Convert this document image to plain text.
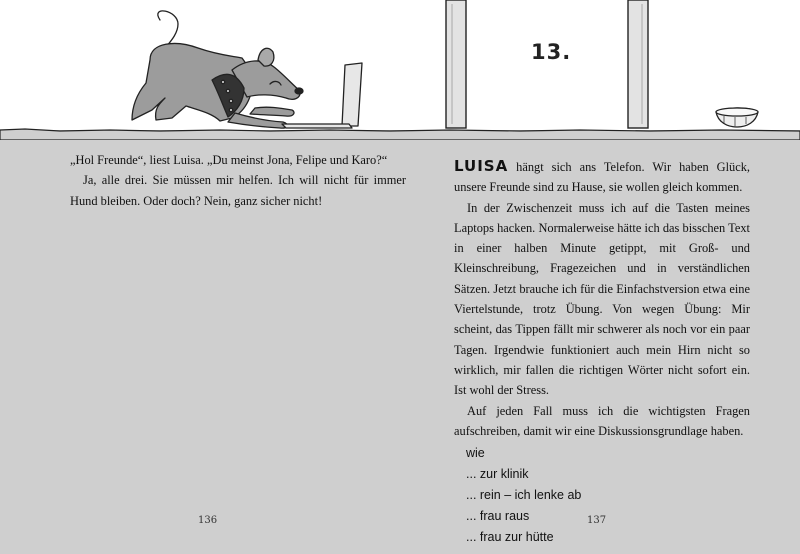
13.

„Hol Freunde“, liest Luisa. „Du meinst Jona, Felipe und Karo?“

Ja, alle drei. Sie müssen mir helfen. Ich will nicht für immer Hund bleiben. Oder doch? Nein, ganz sicher nicht!

LUISA hängt sich ans Telefon. Wir haben Glück, unsere Freunde sind zu Hause, sie wollen gleich kommen.

In der Zwischenzeit muss ich auf die Tasten meines Laptops hacken. Normalerweise hätte ich das bisschen Text in einer halben Minute getippt, mit Groß- und Kleinschreibung, Fragezeichen und in verständlichen Sätzen. Jetzt brauche ich für die Einfachstversion etwa eine Viertelstunde, trotz Übung. Von wegen Übung: Mir scheint, das Tippen fällt mir schwerer als noch vor ein paar Tagen. Irgendwie funktioniert auch mein Hirn nicht so wirklich, mir fallen die richtigen Wörter nicht sofort ein. Ist wohl der Stress.

Auf jeden Fall muss ich die wichtigsten Fragen aufschreiben, damit wir eine Diskussionsgrundlage haben.

wie
... zur klinik
... rein – ich lenke ab
... frau raus
... frau zur hütte
136	137
